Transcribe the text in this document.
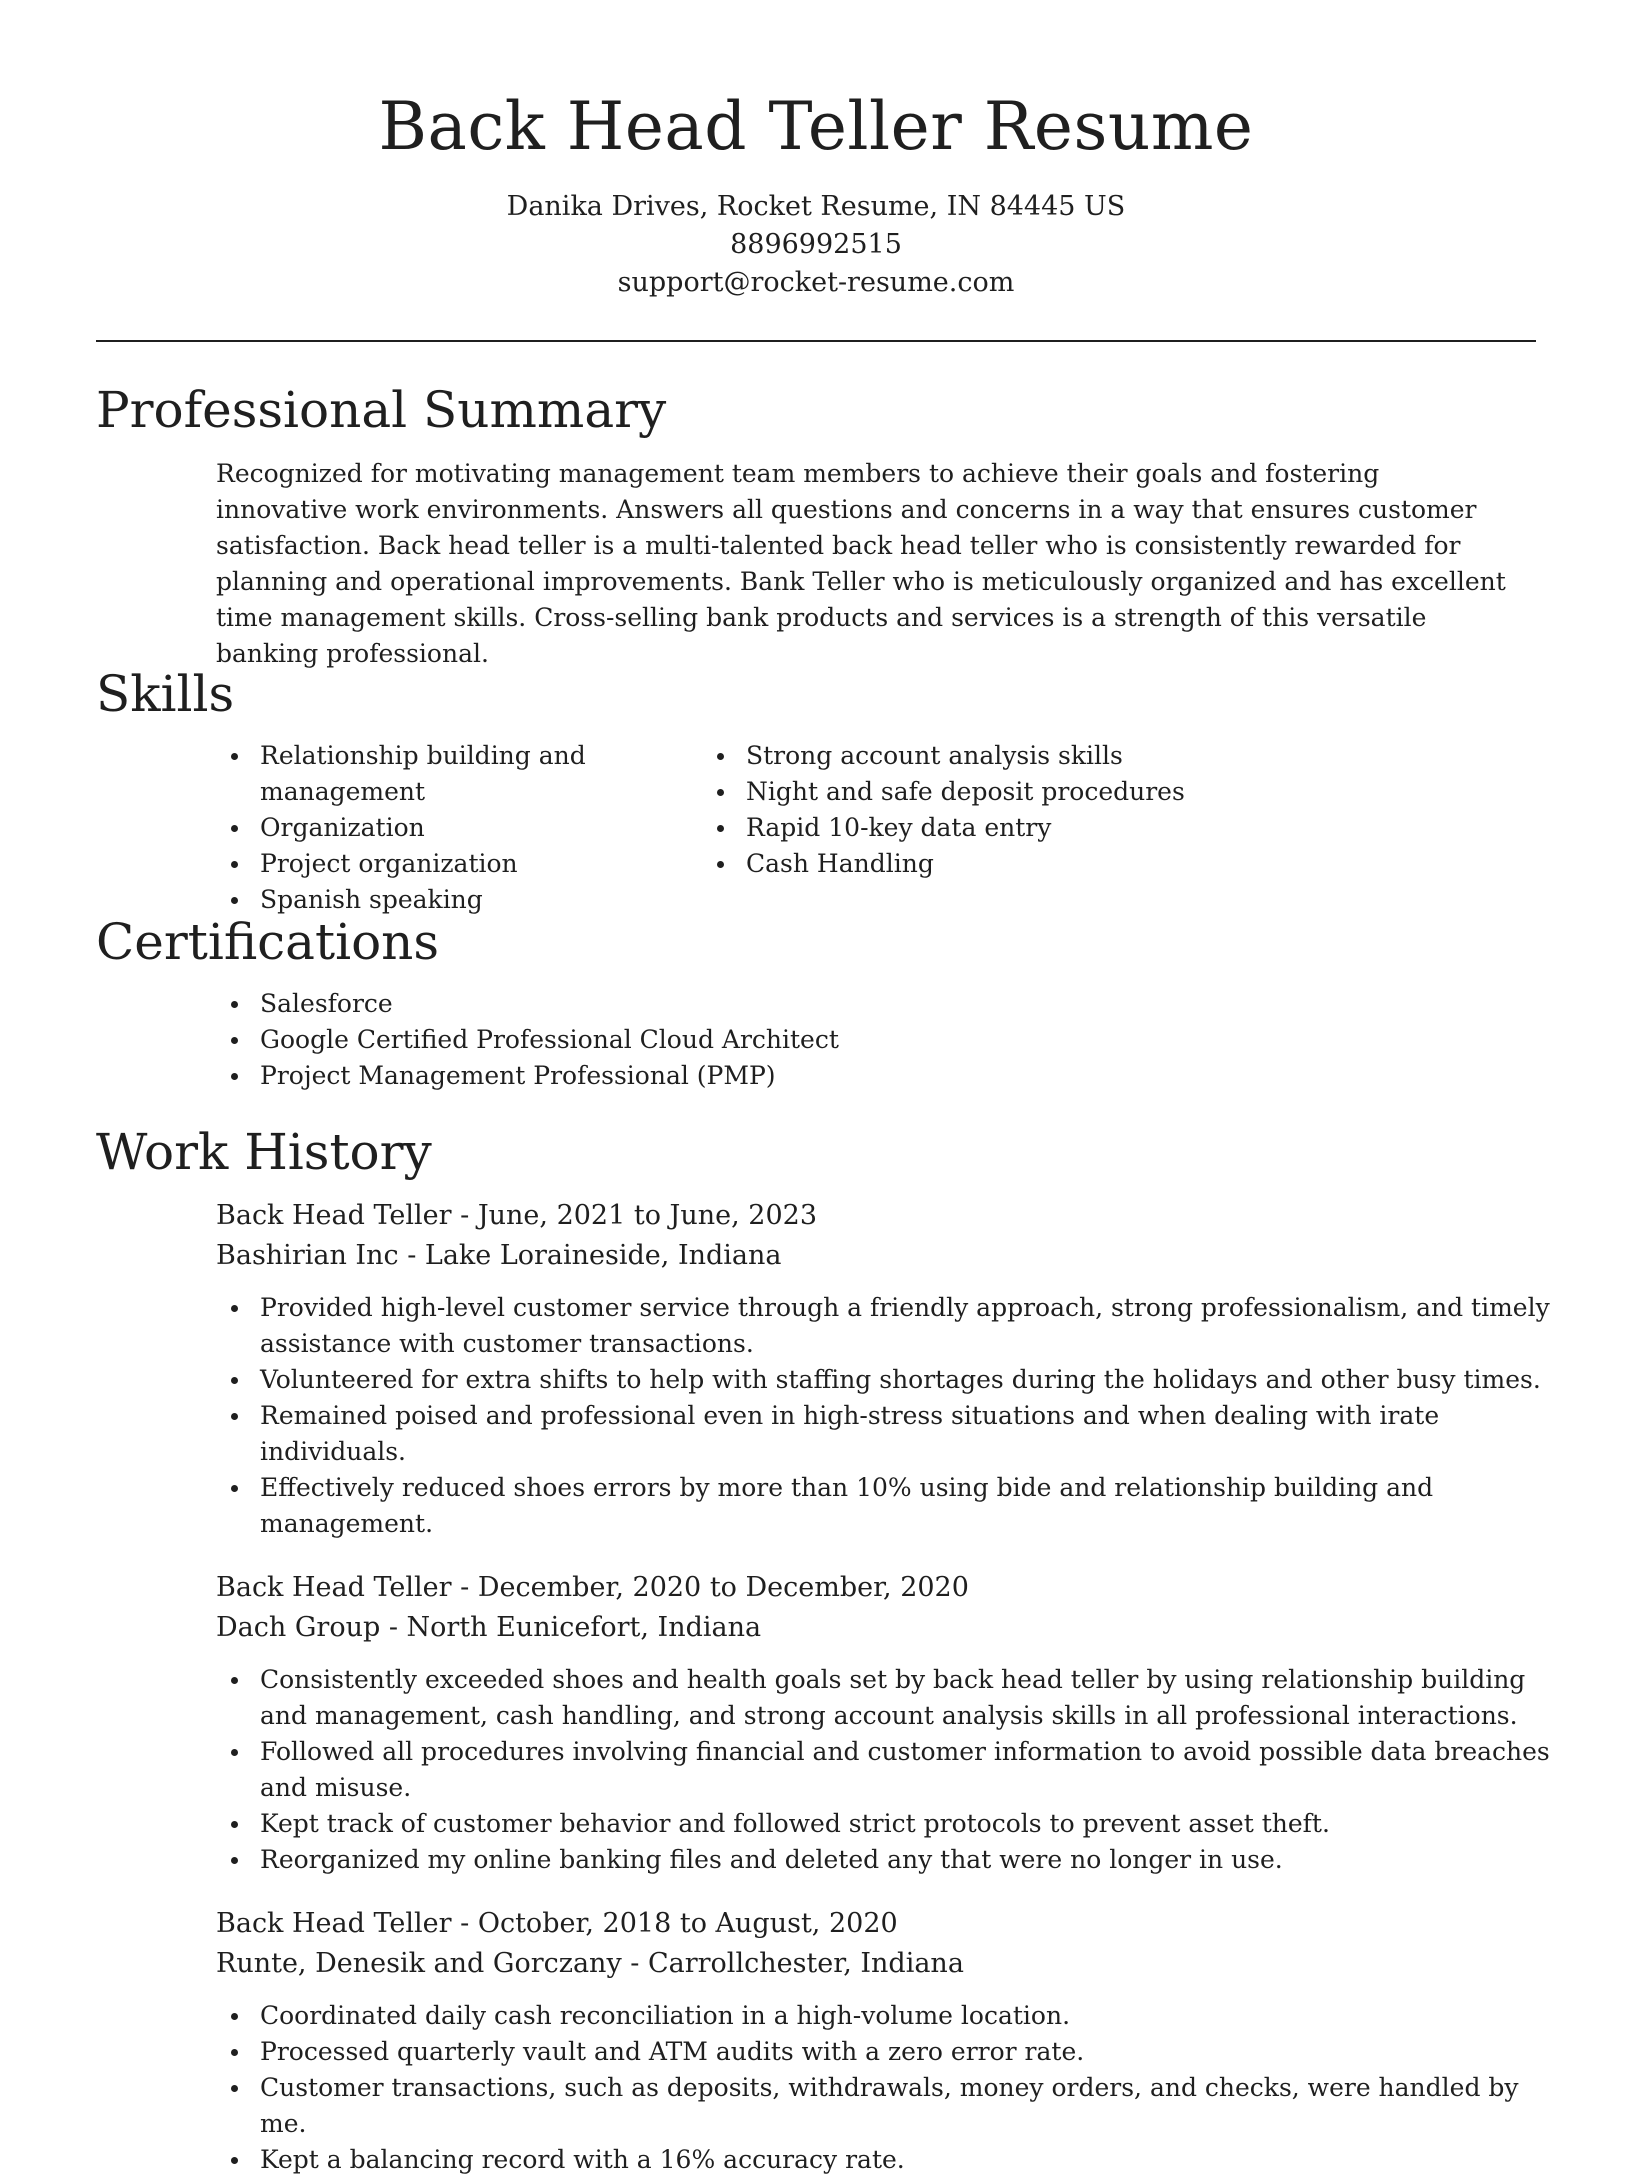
Back Head Teller Resume
Danika Drives, Rocket Resume, IN 84445 US
8896992515
support@rocket-resume.com
Professional Summary

Recognized for motivating management team members to achieve their goals and fostering innovative work environments. Answers all questions and concerns in a way that ensures customer satisfaction. Back head teller is a multi-talented back head teller who is consistently rewarded for planning and operational improvements. Bank Teller who is meticulously organized and has excellent time management skills. Cross-selling bank products and services is a strength of this versatile banking professional.

Skills
Relationship building and management
Organization
Project organization
Spanish speaking
Strong account analysis skills
Night and safe deposit procedures
Rapid 10-key data entry
Cash Handling
Certifications
Salesforce
Google Certified Professional Cloud Architect
Project Management Professional (PMP)
Work History
Back Head Teller - June, 2021 to June, 2023
Bashirian Inc - Lake Loraineside, Indiana
Provided high-level customer service through a friendly approach, strong professionalism, and timely assistance with customer transactions.
Volunteered for extra shifts to help with staffing shortages during the holidays and other busy times.
Remained poised and professional even in high-stress situations and when dealing with irate individuals.
Effectively reduced shoes errors by more than 10% using bide and relationship building and management.
Back Head Teller - December, 2020 to December, 2020
Dach Group - North Eunicefort, Indiana
Consistently exceeded shoes and health goals set by back head teller by using relationship building and management, cash handling, and strong account analysis skills in all professional interactions.
Followed all procedures involving financial and customer information to avoid possible data breaches and misuse.
Kept track of customer behavior and followed strict protocols to prevent asset theft.
Reorganized my online banking files and deleted any that were no longer in use.
Back Head Teller - October, 2018 to August, 2020
Runte, Denesik and Gorczany - Carrollchester, Indiana
Coordinated daily cash reconciliation in a high-volume location.
Processed quarterly vault and ATM audits with a zero error rate.
Customer transactions, such as deposits, withdrawals, money orders, and checks, were handled by me.
Kept a balancing record with a 16% accuracy rate.
